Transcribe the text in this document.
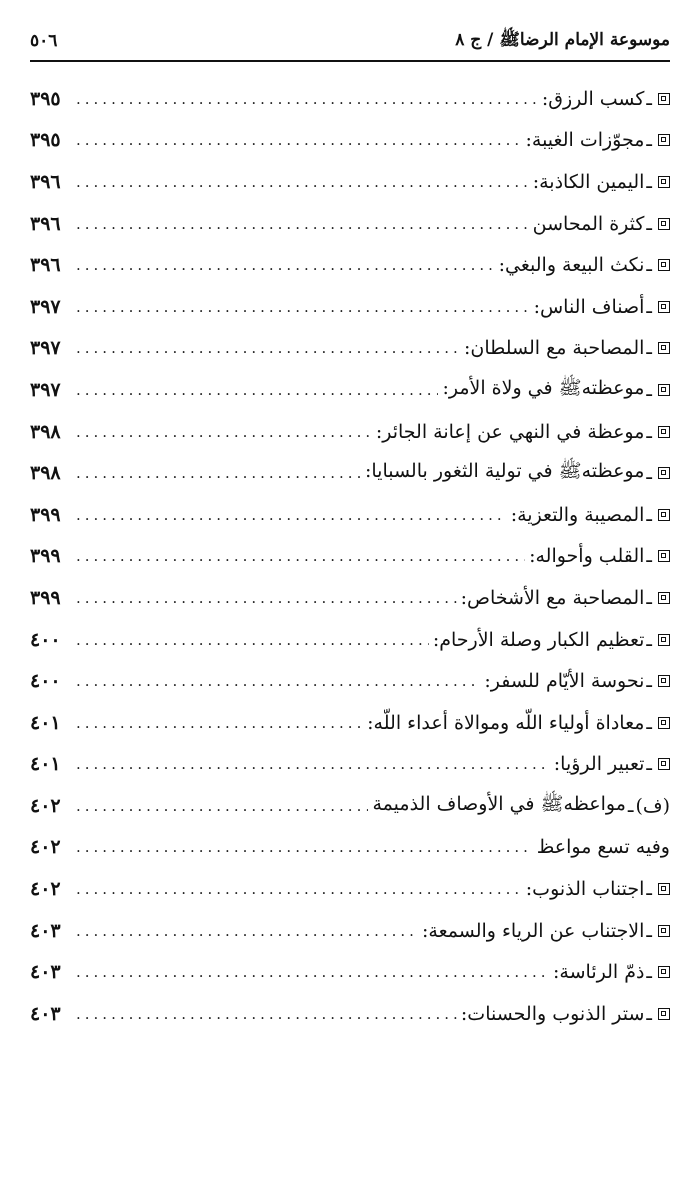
موسوعة الإمام الرضاﷺ / ج ٨
٥٠٦
ـ
كسب الرزق:
.....
٣٩٥
ـ
مجوّزات الغيبة:
.....
٣٩٥
ـ
اليمين الكاذبة:
.....
٣٩٦
ـ
كثرة المحاسن
.....
٣٩٦
ـ
نكث البيعة والبغي:
.....
٣٩٦
ـ
أصناف الناس:
.....
٣٩٧
ـ
المصاحبة مع السلطان:
.....
٣٩٧
ـ
موعظتهﷺ في ولاة الأمر:
.....
٣٩٧
ـ
موعظة في النهي عن إعانة الجائر:
.....
٣٩٨
ـ
موعظتهﷺ في تولية الثغور بالسبايا:
.....
٣٩٨
ـ
المصيبة والتعزية:
.....
٣٩٩
ـ
القلب وأحواله:
.....
٣٩٩
ـ
المصاحبة مع الأشخاص:
.....
٣٩٩
ـ
تعظيم الكبار وصلة الأرحام:
.....
٤٠٠
ـ
نحوسة الأيّام للسفر:
.....
٤٠٠
ـ
معاداة أولياء اللّه وموالاة أعداء اللّه:
.....
٤٠١
ـ
تعبير الرؤيا:
.....
٤٠١
(ف)
ـ
مواعظهﷺ في الأوصاف الذميمة
.....
٤٠٢
وفيه تسع مواعظ
.....
٤٠٢
ـ
اجتناب الذنوب:
.....
٤٠٢
ـ
الاجتناب عن الرياء والسمعة:
.....
٤٠٣
ـ
ذمّ الرئاسة:
.....
٤٠٣
ـ
ستر الذنوب والحسنات:
.....
٤٠٣
